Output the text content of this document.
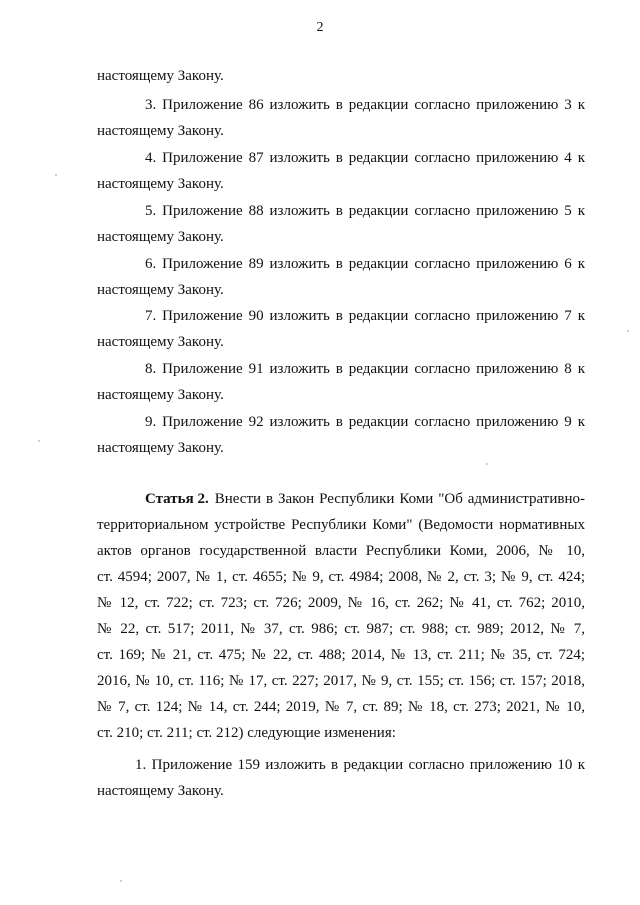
2
настоящему Закону.
3. Приложение 86 изложить в редакции согласно приложению 3 к
настоящему Закону.
4. Приложение 87 изложить в редакции согласно приложению 4 к
настоящему Закону.
5. Приложение 88 изложить в редакции согласно приложению 5 к
настоящему Закону.
6. Приложение 89 изложить в редакции согласно приложению 6 к
настоящему Закону.
7. Приложение 90 изложить в редакции согласно приложению 7 к
настоящему Закону.
8. Приложение 91 изложить в редакции согласно приложению 8 к
настоящему Закону.
9. Приложение 92 изложить в редакции согласно приложению 9 к
настоящему Закону.
Статья 2. Внести в Закон Республики Коми "Об административно-
территориальном устройстве Республики Коми" (Ведомости нормативных
актов органов государственной власти Республики Коми, 2006, № 10,
ст. 4594; 2007, № 1, ст. 4655; № 9, ст. 4984; 2008, № 2, ст. 3; № 9, ст. 424;
№ 12, ст. 722; ст. 723; ст. 726; 2009, № 16, ст. 262; № 41, ст. 762; 2010,
№ 22, ст. 517; 2011, № 37, ст. 986; ст. 987; ст. 988; ст. 989; 2012, № 7,
ст. 169; № 21, ст. 475; № 22, ст. 488; 2014, № 13, ст. 211; № 35, ст. 724;
2016, № 10, ст. 116; № 17, ст. 227; 2017, № 9, ст. 155; ст. 156; ст. 157; 2018,
№ 7, ст. 124; № 14, ст. 244; 2019, № 7, ст. 89; № 18, ст. 273; 2021, № 10,
ст. 210; ст. 211; ст. 212) следующие изменения:
1. Приложение 159 изложить в редакции согласно приложению 10 к
настоящему Закону.
